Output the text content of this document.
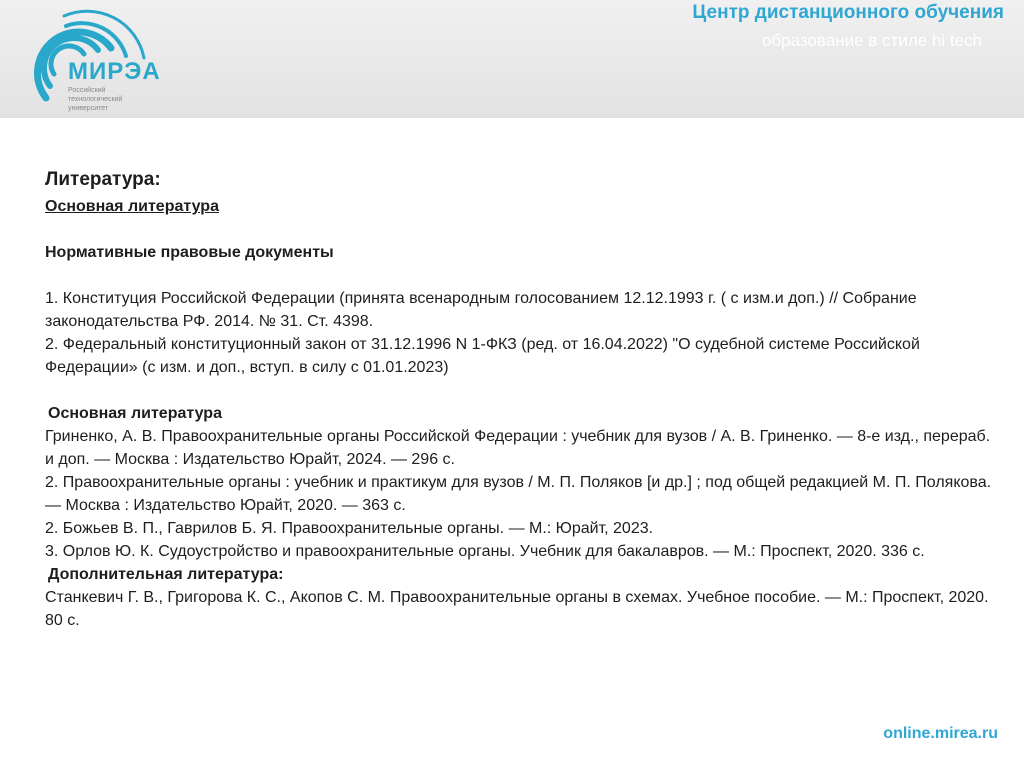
МИРЭА
Российский технологический университет
Центр дистанционного обучения
образование в стиле hi tech

Литература:

Основная литература

Нормативные правовые документы

1. Конституция Российской Федерации (принята всенародным голосованием 12.12.1993 г. ( с изм.и доп.) // Собрание законодательства РФ. 2014. № 31. Ст. 4398.

2. Федеральный конституционный закон от 31.12.1996 N 1-ФКЗ (ред. от 16.04.2022) "О судебной системе Российской Федерации» (с изм. и доп., вступ. в силу с 01.01.2023)

Основная литература

Гриненко, А. В. Правоохранительные органы Российской Федерации : учебник для вузов / А. В. Гриненко. — 8-е изд., перераб. и доп. — Москва : Издательство Юрайт, 2024. — 296 с.

2. Правоохранительные органы : учебник и практикум для вузов / М. П. Поляков [и др.] ; под общей редакцией М. П. Полякова. — Москва : Издательство Юрайт, 2020. — 363 с.

2. Божьев В. П., Гаврилов Б. Я. Правоохранительные органы. — М.: Юрайт, 2023.

3. Орлов Ю. К. Судоустройство и правоохранительные органы. Учебник для бакалавров. — М.: Проспект, 2020. 336 с.

Дополнительная литература:

Станкевич Г. В., Григорова К. С., Акопов С. М. Правоохранительные органы в схемах. Учебное пособие. — М.: Проспект, 2020. 80 с.

online.mirea.ru
